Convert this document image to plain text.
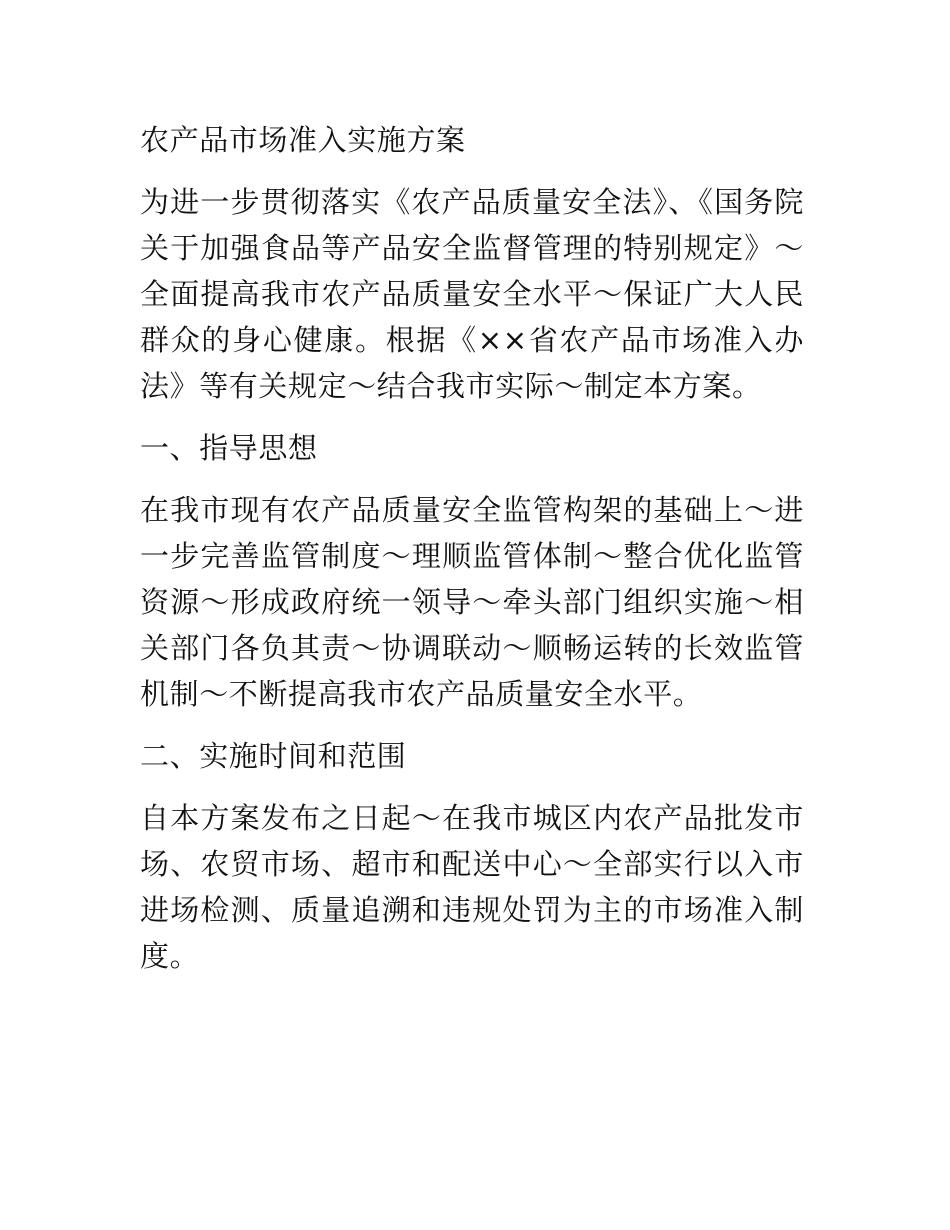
农产品市场准入实施方案

为进一步贯彻落实《农产品质量安全法》、《国务院关于加强食品等产品安全监督管理的特别规定》～全面提高我市农产品质量安全水平～保证广大人民群众的身心健康。根据《××省农产品市场准入办法》等有关规定～结合我市实际～制定本方案。

一、指导思想

在我市现有农产品质量安全监管构架的基础上～进一步完善监管制度～理顺监管体制～整合优化监管资源～形成政府统一领导～牵头部门组织实施～相关部门各负其责～协调联动～顺畅运转的长效监管机制～不断提高我市农产品质量安全水平。

二、实施时间和范围

自本方案发布之日起～在我市城区内农产品批发市场、农贸市场、超市和配送中心～全部实行以入市进场检测、质量追溯和违规处罚为主的市场准入制度。
